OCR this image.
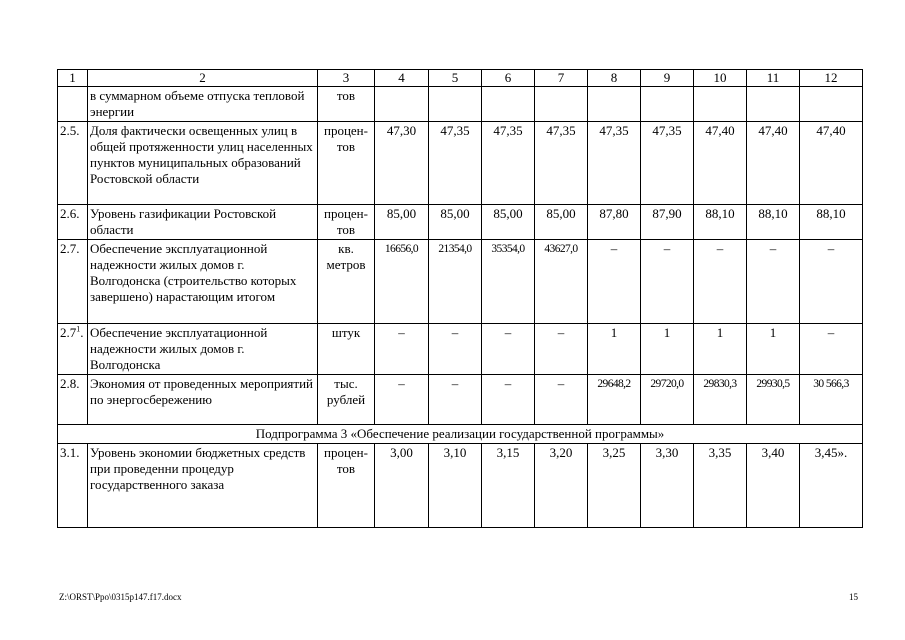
1	2	3	4	5	6	7	8	9	10	11	12
	в суммарном объеме отпуска тепловой энергии	тов									
2.5.	Доля фактически освещенных улиц в общей протяженности улиц населенных пунктов муниципальных образований Ростовской области	процен-тов	47,30	47,35	47,35	47,35	47,35	47,35	47,40	47,40	47,40
2.6.	Уровень газификации Ростовской области	процен-тов	85,00	85,00	85,00	85,00	87,80	87,90	88,10	88,10	88,10
2.7.	Обеспечение эксплуатационной надежности жилых домов г. Волгодонска (строительство которых завершено) нарастающим итогом	кв. метров	16656,0	21354,0	35354,0	43627,0	–	–	–	–	–
$2.7^1$.	Обеспечение эксплуатационной надежности жилых домов г. Волгодонска	штук	–	–	–	–	1	1	1	1	–
2.8.	Экономия от проведенных мероприятий по энергосбережению	тыс. рублей	–	–	–	–	29648,2	29720,0	29830,3	29930,5	30 566,3
Подпрограмма 3 «Обеспечение реализации государственной программы»											
3.1.	Уровень экономии бюджетных средств при проведенни процедур государственного заказа	процен-тов	3,00	3,10	3,15	3,20	3,25	3,30	3,35	3,40	3,45».
Z:\ORST\Ppo\0315p147.f17.docx	15
